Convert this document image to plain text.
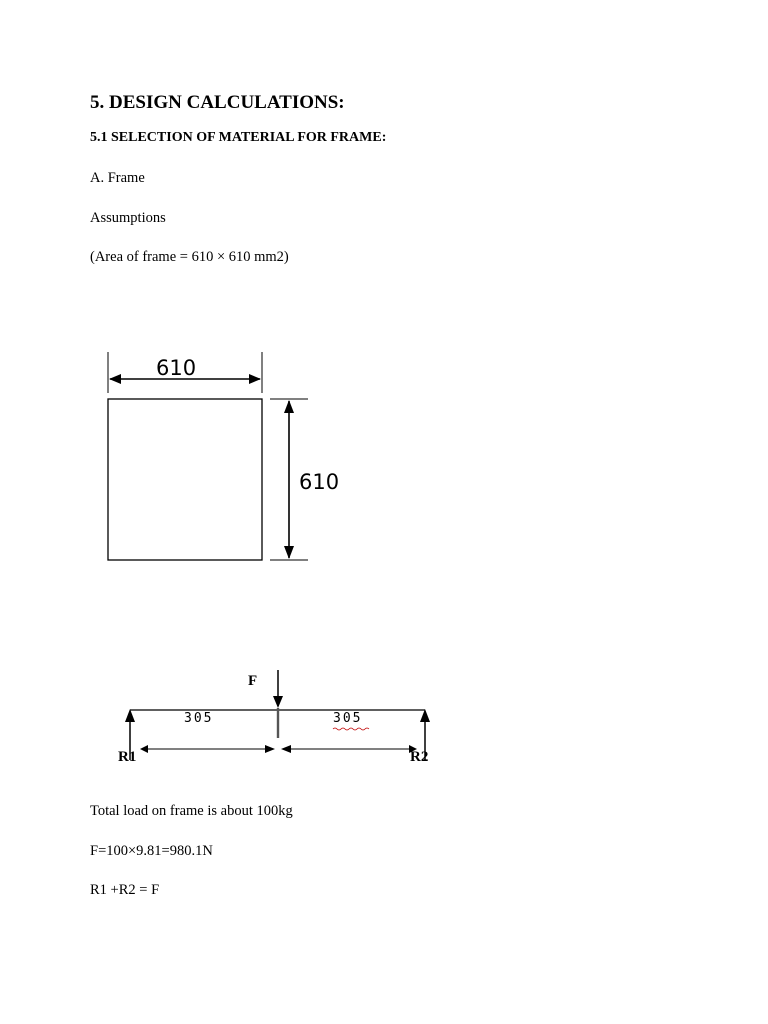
5. DESIGN CALCULATIONS:
5.1 SELECTION OF MATERIAL FOR FRAME:

A. Frame

Assumptions

(Area of frame = 610 × 610 mm2)

610
610
F
305	305
R1	R2

Total load on frame is about 100kg

F=100×9.81=980.1N

R1 +R2 = F
